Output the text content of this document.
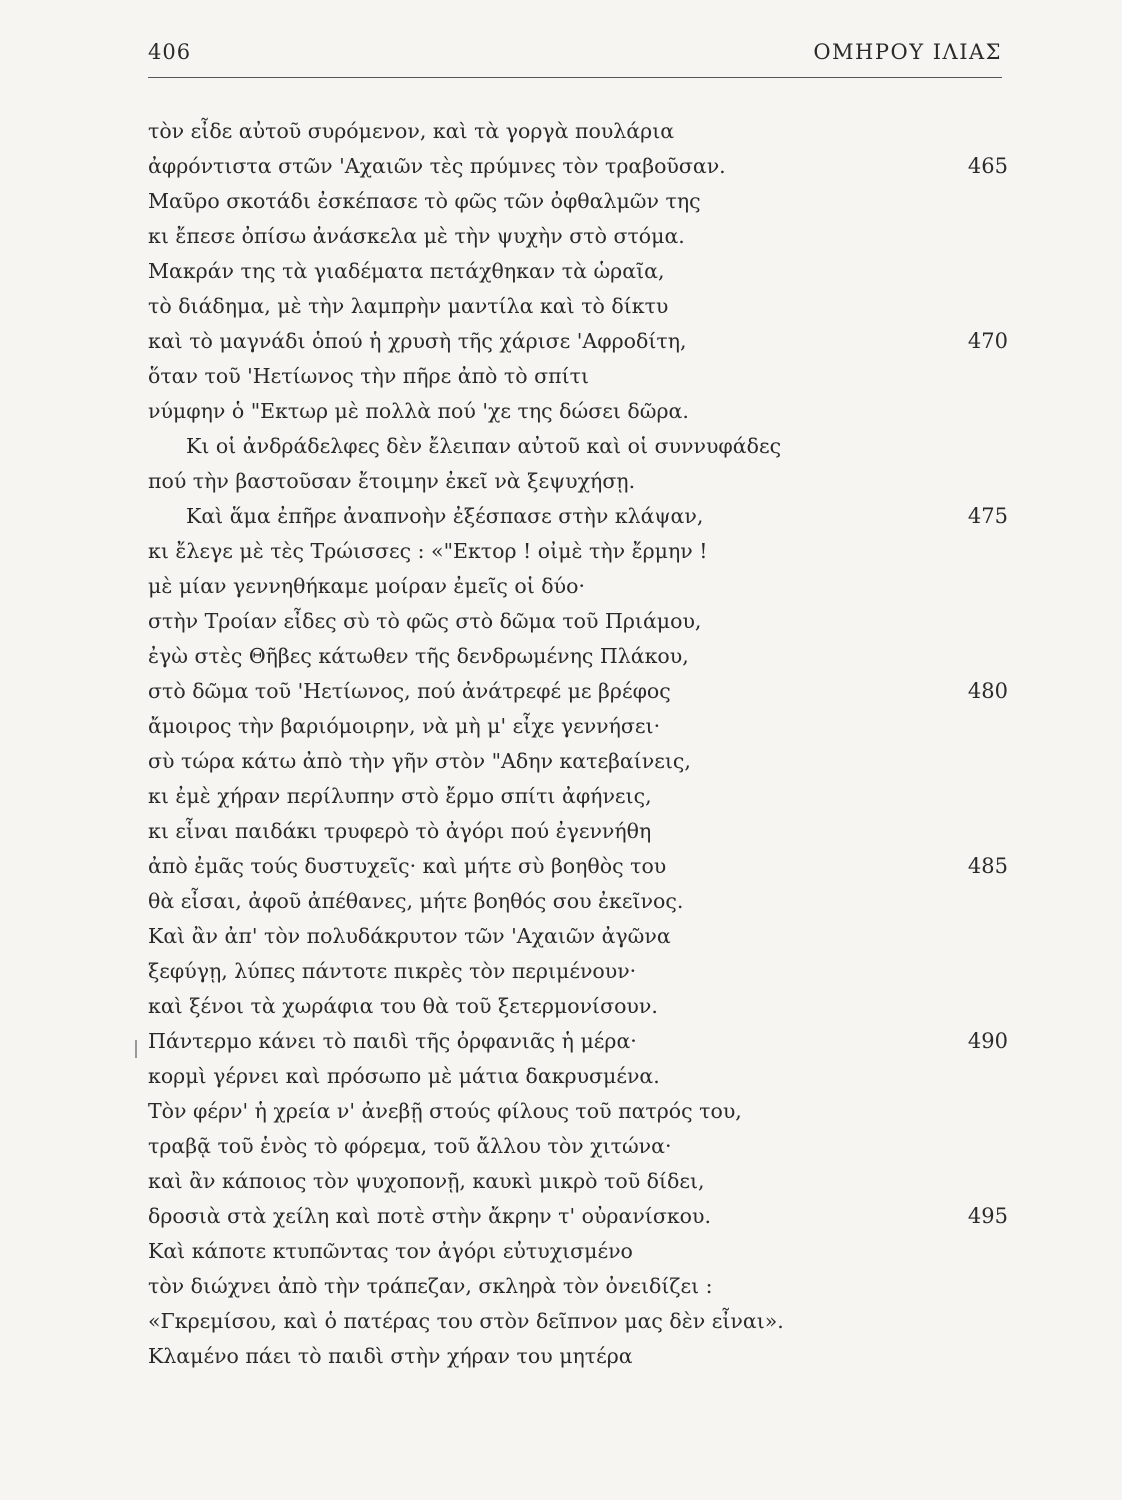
406	ΟΜΗΡΟΥ ΙΛΙΑΣ
τὸν εἶδε αὐτοῦ συρόμενον, καὶ τὰ γοργὰ πουλάρια
ἀφρόντιστα στῶν 'Αχαιῶν τὲς πρύμνες τὸν τραβοῦσαν.	465
Μαῦρο σκοτάδι ἐσκέπασε τὸ φῶς τῶν ὀφθαλμῶν της
κι ἔπεσε ὀπίσω ἀνάσκελα μὲ τὴν ψυχὴν στὸ στόμα.
Μακράν της τὰ γιαδέματα πετάχθηκαν τὰ ὡραῖα,
τὸ διάδημα, μὲ τὴν λαμπρὴν μαντίλα καὶ τὸ δίκτυ
καὶ τὸ μαγνάδι ὁπού ἡ χρυσὴ τῆς χάρισε 'Αφροδίτη,	470
ὅταν τοῦ 'Ηετίωνος τὴν πῆρε ἀπὸ τὸ σπίτι
νύμφην ὁ "Εκτωρ μὲ πολλὰ πού 'χε της δώσει δῶρα.
Κι οἱ ἀνδράδελφες δὲν ἔλειπαν αὐτοῦ καὶ οἱ συννυφάδες
πού τὴν βαστοῦσαν ἔτοιμην ἐκεῖ νὰ ξεψυχήσῃ.
Καὶ ἅμα ἐπῆρε ἀναπνοὴν ἐξέσπασε στὴν κλάψαν,	475
κι ἔλεγε μὲ τὲς Τρώισσες : «"Εκτορ ! οἰμὲ τὴν ἔρμην !
μὲ μίαν γεννηθήκαμε μοίραν ἐμεῖς οἱ δύο·
στὴν Τροίαν εἶδες σὺ τὸ φῶς στὸ δῶμα τοῦ Πριάμου,
ἐγὼ στὲς Θῆβες κάτωθεν τῆς δενδρωμένης Πλάκου,
στὸ δῶμα τοῦ 'Ηετίωνος, πού ἀνάτρεφέ με βρέφος	480
ἄμοιρος τὴν βαριόμοιρην, νὰ μὴ μ' εἶχε γεννήσει·
σὺ τώρα κάτω ἀπὸ τὴν γῆν στὸν "Αδην κατεβαίνεις,
κι ἐμὲ χήραν περίλυπην στὸ ἔρμο σπίτι ἀφήνεις,
κι εἶναι παιδάκι τρυφερὸ τὸ ἀγόρι πού ἐγεννήθη
ἀπὸ ἐμᾶς τούς δυστυχεῖς· καὶ μήτε σὺ βοηθὸς του	485
θὰ εἶσαι, ἀφοῦ ἀπέθανες, μήτε βοηθός σου ἐκεῖνος.
Καὶ ἂν ἀπ' τὸν πολυδάκρυτον τῶν 'Αχαιῶν ἀγῶνα
ξεφύγῃ, λύπες πάντοτε πικρὲς τὸν περιμένουν·
καὶ ξένοι τὰ χωράφια του θὰ τοῦ ξετερμονίσουν.
Πάντερμο κάνει τὸ παιδὶ τῆς ὀρφανιᾶς ἡ μέρα·	490
κορμὶ γέρνει καὶ πρόσωπο μὲ μάτια δακρυσμένα.
Τὸν φέρν' ἡ χρεία ν' ἀνεβῇ στούς φίλους τοῦ πατρός του,
τραβᾷ τοῦ ἑνὸς τὸ φόρεμα, τοῦ ἄλλου τὸν χιτώνα·
καὶ ἂν κάποιος τὸν ψυχοπονῇ, καυκὶ μικρὸ τοῦ δίδει,
δροσιὰ στὰ χείλη καὶ ποτὲ στὴν ἄκρην τ' οὐρανίσκου.	495
Καὶ κάποτε κτυπῶντας τον ἀγόρι εὐτυχισμένο
τὸν διώχνει ἀπὸ τὴν τράπεζαν, σκληρὰ τὸν ὀνειδίζει :
«Γκρεμίσου, καὶ ὁ πατέρας του στὸν δεῖπνον μας δὲν εἶναι».
Κλαμένο πάει τὸ παιδὶ στὴν χήραν του μητέρα
